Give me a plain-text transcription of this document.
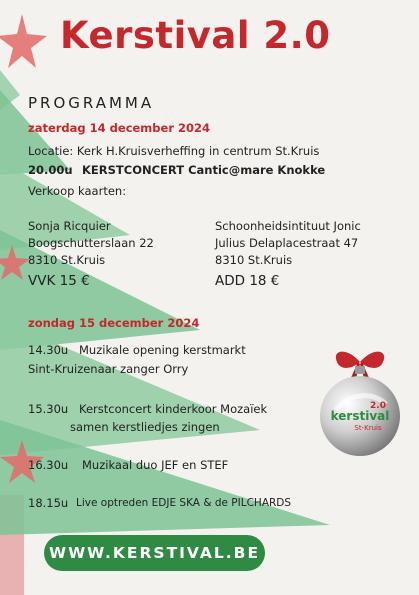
Kerstival 2.0
PROGRAMMA
zaterdag 14 december 2024
Locatie: Kerk H.Kruisverheffing in centrum St.Kruis
20.00u KERSTCONCERT Cantic@mare Knokke
Verkoop kaarten:
Sonja Ricquier
Boogschutterslaan 22
8310 St.Kruis
VVK 15 €
Schoonheidsintituut Jonic
Julius Delaplacestraat 47
8310 St.Kruis
ADD 18 €
zondag 15 december 2024
14.30u Muzikale opening kerstmarkt
Sint-Kruizenaar zanger Orry
15.30u Kerstconcert kinderkoor Mozaïek
samen kerstliedjes zingen
16.30u Muzikaal duo JEF en STEF
18.15u Live optreden EDJE SKA & de PILCHARDS
kerstival
2.0
St-Kruis
WWW.KERSTIVAL.BE
